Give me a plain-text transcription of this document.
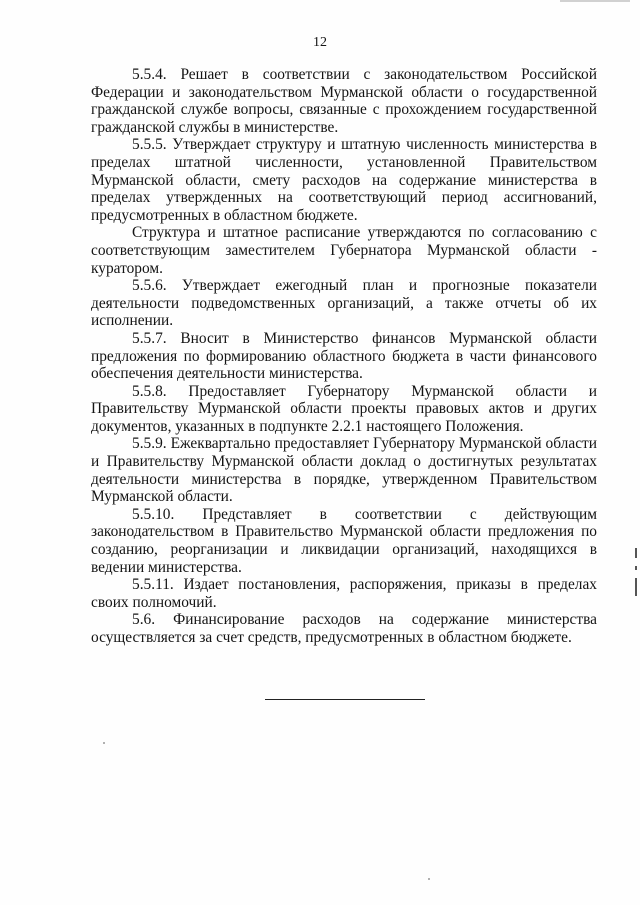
12

5.5.4. Решает в соответствии с законодательством Российской Федерации и законодательством Мурманской области о государственной гражданской службе вопросы, связанные с прохождением государственной гражданской службы в министерстве.

5.5.5. Утверждает структуру и штатную численность министерства в пределах штатной численности, установленной Правительством Мурманской области, смету расходов на содержание министерства в пределах утвержденных на соответствующий период ассигнований, предусмотренных в областном бюджете.

Структура и штатное расписание утверждаются по согласованию с соответствующим заместителем Губернатора Мурманской области - куратором.

5.5.6. Утверждает ежегодный план и прогнозные показатели деятельности подведомственных организаций, а также отчеты об их исполнении.

5.5.7. Вносит в Министерство финансов Мурманской области предложения по формированию областного бюджета в части финансового обеспечения деятельности министерства.

5.5.8. Предоставляет Губернатору Мурманской области и Правительству Мурманской области проекты правовых актов и других документов, указанных в подпункте 2.2.1 настоящего Положения.

5.5.9. Ежеквартально предоставляет Губернатору Мурманской области и Правительству Мурманской области доклад о достигнутых результатах деятельности министерства в порядке, утвержденном Правительством Мурманской области.

5.5.10. Представляет в соответствии с действующим законодательством в Правительство Мурманской области предложения по созданию, реорганизации и ликвидации организаций, находящихся в ведении министерства.

5.5.11. Издает постановления, распоряжения, приказы в пределах своих полномочий.

5.6. Финансирование расходов на содержание министерства осуществляется за счет средств, предусмотренных в областном бюджете.
